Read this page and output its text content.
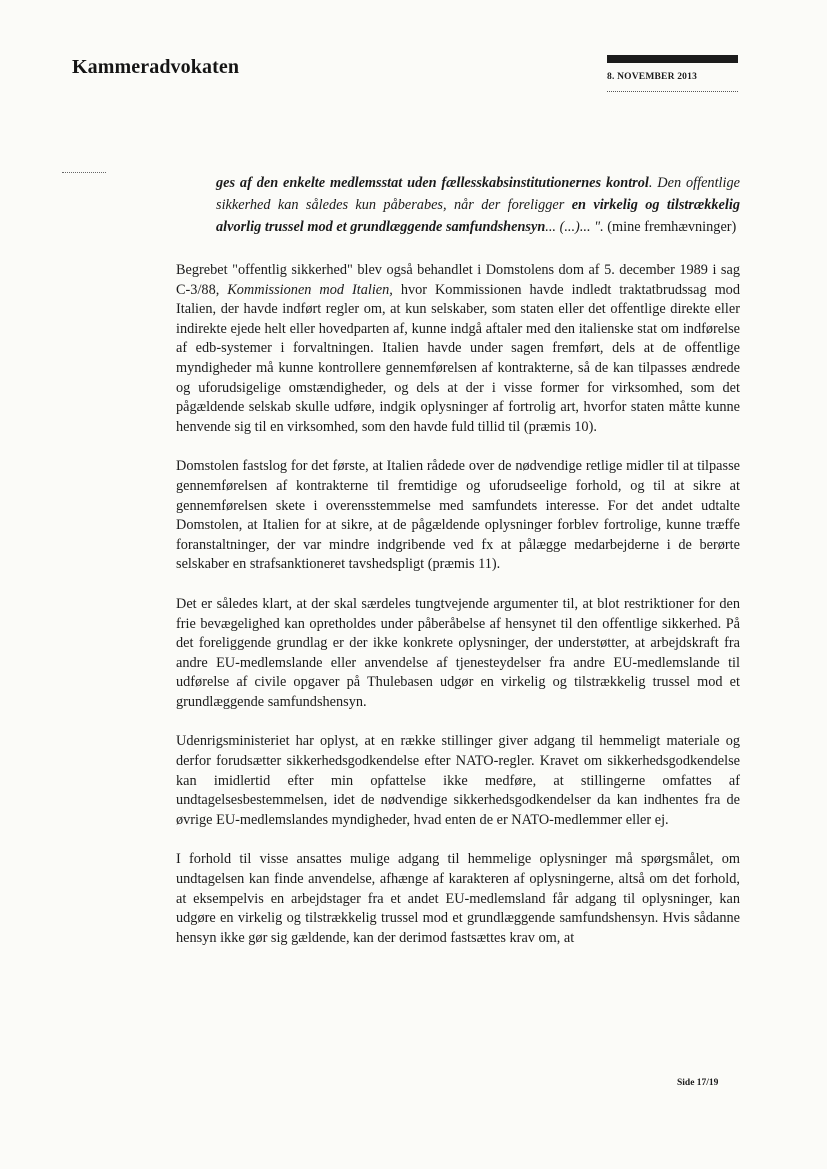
Kammeradvokaten	8. NOVEMBER 2013
ges af den enkelte medlemsstat uden fællesskabsinstitutionernes kontrol. Den offentlige sikkerhed kan således kun påberabes, når der foreligger en virkelig og tilstrækkelig alvorlig trussel mod et grundlæggende samfundshensyn... (...)... ". (mine fremhævninger)

Begrebet "offentlig sikkerhed" blev også behandlet i Domstolens dom af 5. december 1989 i sag C-3/88, Kommissionen mod Italien, hvor Kommissionen havde indledt traktatbrudssag mod Italien, der havde indført regler om, at kun selskaber, som staten eller det offentlige direkte eller indirekte ejede helt eller hovedparten af, kunne indgå aftaler med den italienske stat om indførelse af edb-systemer i forvaltningen. Italien havde under sagen fremført, dels at de offentlige myndigheder må kunne kontrollere gennemførelsen af kontrakterne, så de kan tilpasses ændrede og uforudsigelige omstændigheder, og dels at der i visse former for virksomhed, som det pågældende selskab skulle udføre, indgik oplysninger af fortrolig art, hvorfor staten måtte kunne henvende sig til en virksomhed, som den havde fuld tillid til (præmis 10).

Domstolen fastslog for det første, at Italien rådede over de nødvendige retlige midler til at tilpasse gennemførelsen af kontrakterne til fremtidige og uforudseelige forhold, og til at sikre at gennemførelsen skete i overensstemmelse med samfundets interesse. For det andet udtalte Domstolen, at Italien for at sikre, at de pågældende oplysninger forblev fortrolige, kunne træffe foranstaltninger, der var mindre indgribende ved fx at pålægge medarbejderne i de berørte selskaber en strafsanktioneret tavshedspligt (præmis 11).

Det er således klart, at der skal særdeles tungtvejende argumenter til, at blot restriktioner for den frie bevægelighed kan opretholdes under påberåbelse af hensynet til den offentlige sikkerhed. På det foreliggende grundlag er der ikke konkrete oplysninger, der understøtter, at arbejdskraft fra andre EU-medlemslande eller anvendelse af tjenesteydelser fra andre EU-medlemslande til udførelse af civile opgaver på Thulebasen udgør en virkelig og tilstrækkelig trussel mod et grundlæggende samfundshensyn.

Udenrigsministeriet har oplyst, at en række stillinger giver adgang til hemmeligt materiale og derfor forudsætter sikkerhedsgodkendelse efter NATO-regler. Kravet om sikkerhedsgodkendelse kan imidlertid efter min opfattelse ikke medføre, at stillingerne omfattes af undtagelsesbestemmelsen, idet de nødvendige sikkerhedsgodkendelser da kan indhentes fra de øvrige EU-medlemslandes myndigheder, hvad enten de er NATO-medlemmer eller ej.

I forhold til visse ansattes mulige adgang til hemmelige oplysninger må spørgsmålet, om undtagelsen kan finde anvendelse, afhænge af karakteren af oplysningerne, altså om det forhold, at eksempelvis en arbejdstager fra et andet EU-medlemsland får adgang til oplysninger, kan udgøre en virkelig og tilstrækkelig trussel mod et grundlæggende samfundshensyn. Hvis sådanne hensyn ikke gør sig gældende, kan der derimod fastsættes krav om, at

Side 17/19
